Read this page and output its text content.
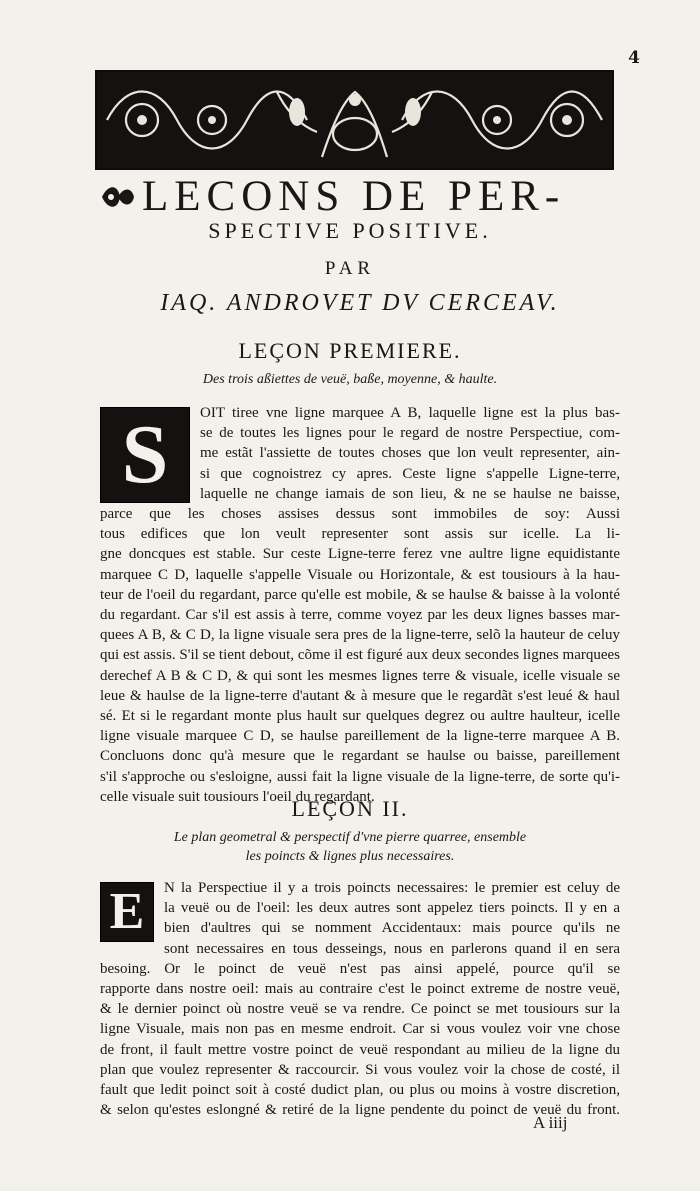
4
LECONS DE PER-
SPECTIVE POSITIVE.
PAR
IAQ. ANDROVET DV CERCEAV.
LEÇON PREMIERE.
Des trois aßiettes de veuë, baße, moyenne, & haulte.
S	OIT tiree vne ligne marquee A B, laquelle ligne est la plus bas-
se de toutes les lignes pour le regard de nostre Perspectiue, com-
me estãt l'assiette de toutes choses que lon veult representer, ain-
si que cognoistrez cy apres. Ceste ligne s'appelle Ligne-terre,
laquelle ne change iamais de son lieu, & ne se haulse ne baisse,
parce que les choses assises dessus sont immobiles de soy: Aussi
tous edifices que lon veult representer sont assis sur icelle. La li-
gne doncques est stable. Sur ceste Ligne-terre ferez vne aultre ligne equidistante
marquee C D, laquelle s'appelle Visuale ou Horizontale, & est tousiours à la hau-
teur de l'oeil du regardant, parce qu'elle est mobile, & se haulse & baisse à la volonté
du regardant. Car s'il est assis à terre, comme voyez par les deux lignes basses mar-
quees A B, & C D, la ligne visuale sera pres de la ligne-terre, selõ la hauteur de celuy
qui est assis. S'il se tient debout, cõme il est figuré aux deux secondes lignes marquees
derechef A B & C D, & qui sont les mesmes lignes terre & visuale, icelle visuale se
leue & haulse de la ligne-terre d'autant & à mesure que le regardãt s'est leué & haul
sé. Et si le regardant monte plus hault sur quelques degrez ou aultre haulteur, icelle
ligne visuale marquee C D, se haulse pareillement de la ligne-terre marquee A B.
Concluons donc qu'à mesure que le regardant se haulse ou baisse, pareillement
s'il s'approche ou s'esloigne, aussi fait la ligne visuale de la ligne-terre, de sorte qu'i-
celle visuale suit tousiours l'oeil du regardant.
LEÇON II.
Le plan geometral & perspectif d'vne pierre quarree, ensemble
les poincts & lignes plus necessaires.
E	N la Perspectiue il y a trois poincts necessaires: le premier est celuy de
la veuë ou de l'oeil: les deux autres sont appelez tiers poincts. Il y en a
bien d'aultres qui se nomment Accidentaux: mais pource qu'ils ne
sont necessaires en tous desseings, nous en parlerons quand il en sera
besoing. Or le poinct de veuë n'est pas ainsi appelé, pource qu'il se
rapporte dans nostre oeil: mais au contraire c'est le poinct extreme de nostre veuë,
& le dernier poinct où nostre veuë se va rendre. Ce poinct se met tousiours sur la
ligne Visuale, mais non pas en mesme endroit. Car si vous voulez voir vne chose
de front, il fault mettre vostre poinct de veuë respondant au milieu de la ligne du
plan que voulez representer & raccourcir. Si vous voulez voir la chose de costé, il
fault que ledit poinct soit à costé dudict plan, ou plus ou moins à vostre discretion,
& selon qu'estes eslongné & retiré de la ligne pendente du poinct de veuë du front.
A iiij
